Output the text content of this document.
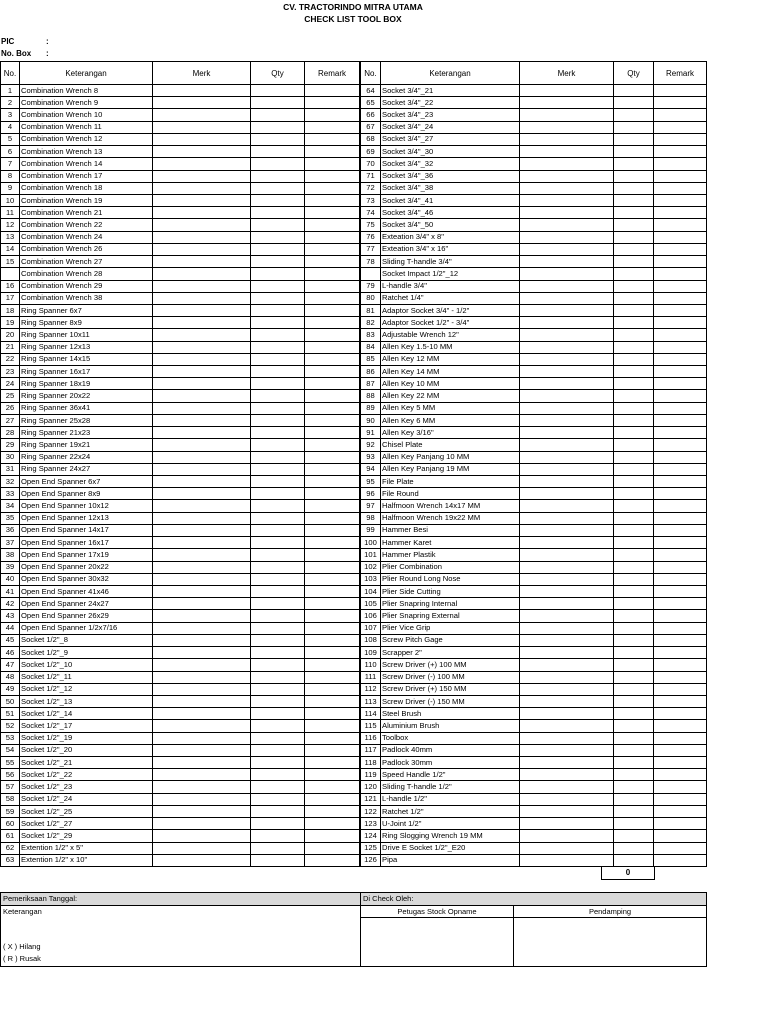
CV. TRACTORINDO MITRA UTAMA
CHECK LIST TOOL BOX
PIC	:
No. Box :
No.	Keterangan	Merk	Qty	Remark
1	Combination Wrench 8			
2	Combination Wrench 9			
3	Combination Wrench 10			
4	Combination Wrench 11			
5	Combination Wrench 12			
6	Combination Wrench 13			
7	Combination Wrench 14			
8	Combination Wrench 17			
9	Combination Wrench 18			
10	Combination Wrench 19			
11	Combination Wrench 21			
12	Combination Wrench 22			
13	Combination Wrench 24			
14	Combination Wrench 26			
15	Combination Wrench 27			
	Combination Wrench 28			
16	Combination Wrench 29			
17	Combination Wrench 38			
18	Ring Spanner 6x7			
19	Ring Spanner 8x9			
20	Ring Spanner 10x11			
21	Ring Spanner 12x13			
22	Ring Spanner 14x15			
23	Ring Spanner 16x17			
24	Ring Spanner 18x19			
25	Ring Spanner 20x22			
26	Ring Spanner 36x41			
27	Ring Spanner 25x28			
28	Ring Spanner 21x23			
29	Ring Spanner 19x21			
30	Ring Spanner 22x24			
31	Ring Spanner 24x27			
32	Open End Spanner 6x7			
33	Open End Spanner 8x9			
34	Open End Spanner 10x12			
35	Open End Spanner 12x13			
36	Open End Spanner 14x17			
37	Open End Spanner 16x17			
38	Open End Spanner 17x19			
39	Open End Spanner 20x22			
40	Open End Spanner 30x32			
41	Open End Spanner 41x46			
42	Open End Spanner 24x27			
43	Open End Spanner 26x29			
44	Open End Spanner 1/2x7/16			
45	Socket 1/2"_8			
46	Socket 1/2"_9			
47	Socket 1/2"_10			
48	Socket 1/2"_11			
49	Socket 1/2"_12			
50	Socket 1/2"_13			
51	Socket 1/2"_14			
52	Socket 1/2"_17			
53	Socket 1/2"_19			
54	Socket 1/2"_20			
55	Socket 1/2"_21			
56	Socket 1/2"_22			
57	Socket 1/2"_23			
58	Socket 1/2"_24			
59	Socket 1/2"_25			
60	Socket 1/2"_27			
61	Socket 1/2"_29			
62	Extention 1/2" x 5"			
63	Extention 1/2" x 10"			
No.	Keterangan	Merk	Qty	Remark
64	Socket 3/4"_21			
65	Socket 3/4"_22			
66	Socket 3/4"_23			
67	Socket 3/4"_24			
68	Socket 3/4"_27			
69	Socket 3/4"_30			
70	Socket 3/4"_32			
71	Socket 3/4"_36			
72	Socket 3/4"_38			
73	Socket 3/4"_41			
74	Socket 3/4"_46			
75	Socket 3/4"_50			
76	Exteation 3/4" x 8"			
77	Exteation 3/4" x 16"			
78	Sliding T-handle 3/4"			
	Socket Impact 1/2"_12			
79	L-handle 3/4"			
80	Ratchet 1/4"			
81	Adaptor Socket 3/4" - 1/2"			
82	Adaptor Socket 1/2" - 3/4"			
83	Adjustable Wrench 12"			
84	Allen Key 1.5-10 MM			
85	Allen Key 12 MM			
86	Allen Key 14 MM			
87	Allen Key 10 MM			
88	Allen Key 22 MM			
89	Allen Key 5 MM			
90	Allen Key 6 MM			
91	Allen Key 3/16"			
92	Chisel Plate			
93	Allen Key Panjang 10 MM			
94	Allen Key Panjang 19 MM			
95	File Plate			
96	File Round			
97	Halfmoon Wrench 14x17 MM			
98	Halfmoon Wrench 19x22 MM			
99	Hammer Besi			
100	Hammer Karet			
101	Hammer Plastik			
102	Plier Combination			
103	Plier Round Long Nose			
104	Plier Side Cutting			
105	Plier Snapring Internal			
106	Plier Snapring External			
107	Plier Vice Grip			
108	Screw Pitch Gage			
109	Scrapper 2"			
110	Screw Driver (+) 100 MM			
111	Screw Driver (-) 100 MM			
112	Screw Driver (+) 150 MM			
113	Screw Driver (-) 150 MM			
114	Steel Brush			
115	Aluminium Brush			
116	Toolbox			
117	Padlock 40mm			
118	Padlock 30mm			
119	Speed Handle 1/2"			
120	Sliding T-handle 1/2"			
121	L-handle 1/2"			
122	Ratchet 1/2"			
123	U-Joint 1/2"			
124	Ring Slogging Wrench 19 MM			
125	Drive E Socket 1/2"_E20			
126	Pipa			
0
Pemeriksaan Tanggal:	Di Check Oleh:	

Keterangan
( X ) Hilang
( R ) Rusak	Petugas Stock Opname	Pendamping
